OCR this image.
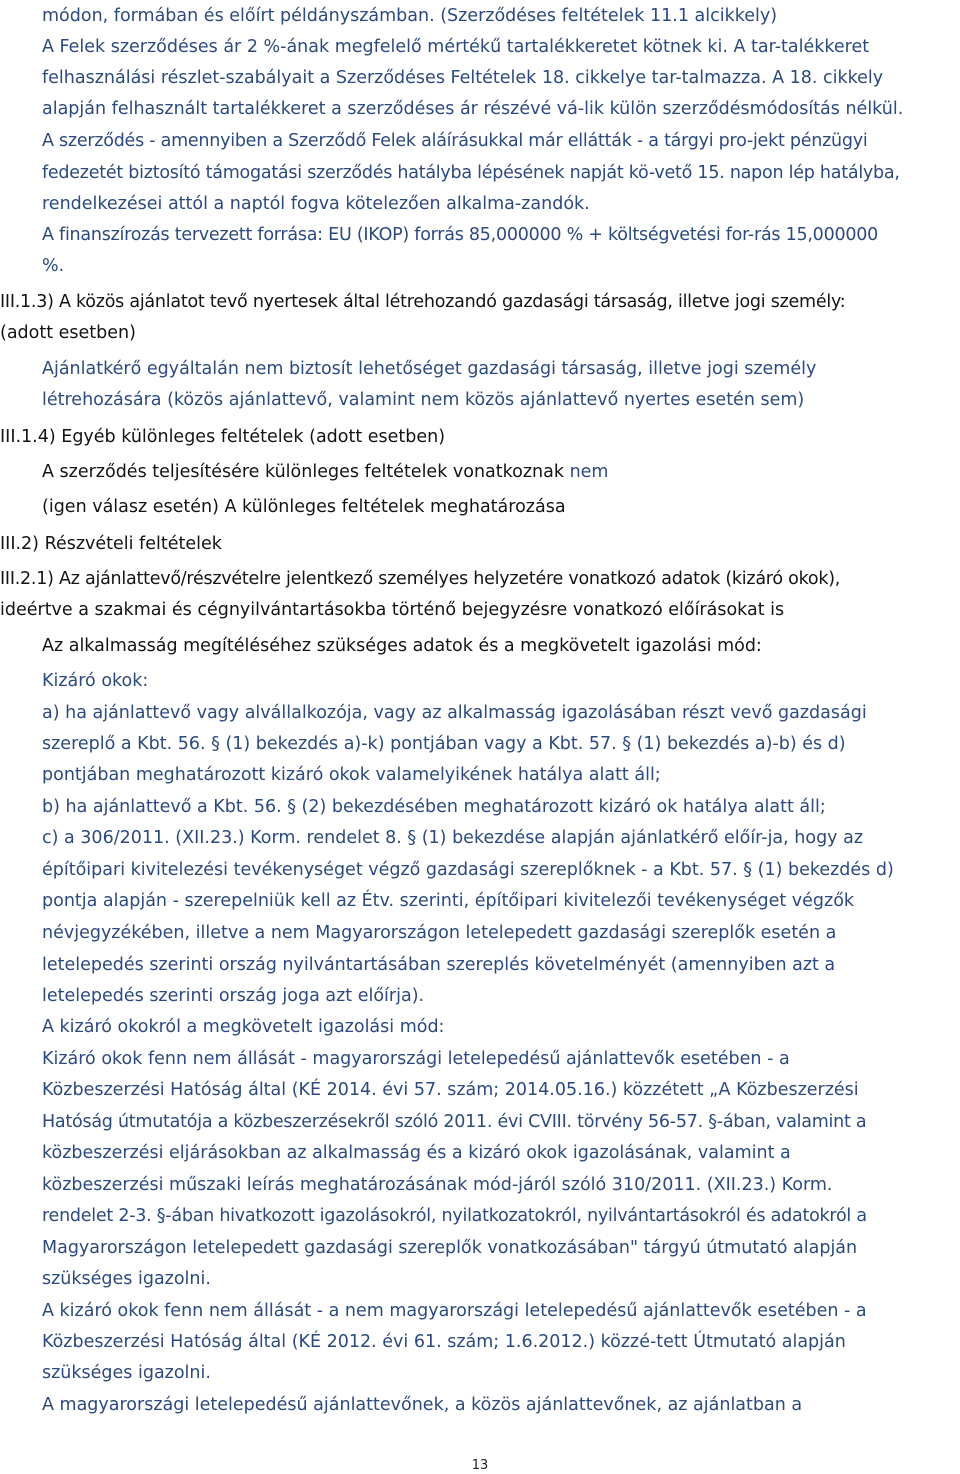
módon, formában és előírt példányszámban. (Szerződéses feltételek 11.1 alcikkely)

A Felek szerződéses ár 2 %-ának megfelelő mértékű tartalékkeretet kötnek ki. A tar-talékkeret

felhasználási részlet-szabályait a Szerződéses Feltételek 18. cikkelye tar-talmazza. A 18. cikkely

alapján felhasznált tartalékkeret a szerződéses ár részévé vá-lik külön szerződésmódosítás nélkül.

A szerződés - amennyiben a Szerződő Felek aláírásukkal már ellátták - a tárgyi pro-jekt pénzügyi

fedezetét biztosító támogatási szerződés hatályba lépésének napját kö-vető 15. napon lép hatályba,

rendelkezései attól a naptól fogva kötelezően alkalma-zandók.

A finanszírozás tervezett forrása: EU (IKOP) forrás 85,000000 % + költségvetési for-rás 15,000000

%.

III.1.3) A közös ajánlatot tevő nyertesek által létrehozandó gazdasági társaság, illetve jogi személy:

(adott esetben)

Ajánlatkérő egyáltalán nem biztosít lehetőséget gazdasági társaság, illetve jogi személy

létrehozására (közös ajánlattevő, valamint nem közös ajánlattevő nyertes esetén sem)

III.1.4) Egyéb különleges feltételek (adott esetben)

A szerződés teljesítésére különleges feltételek vonatkoznak nem

(igen válasz esetén) A különleges feltételek meghatározása

III.2) Részvételi feltételek

III.2.1) Az ajánlattevő/részvételre jelentkező személyes helyzetére vonatkozó adatok (kizáró okok),

ideértve a szakmai és cégnyilvántartásokba történő bejegyzésre vonatkozó előírásokat is

Az alkalmasság megítéléséhez szükséges adatok és a megkövetelt igazolási mód:

Kizáró okok:

a) ha ajánlattevő vagy alvállalkozója, vagy az alkalmasság igazolásában részt vevő gazdasági

szereplő a Kbt. 56. § (1) bekezdés a)-k) pontjában vagy a Kbt. 57. § (1) bekezdés a)-b) és d)

pontjában meghatározott kizáró okok valamelyikének hatálya alatt áll;

b) ha ajánlattevő a Kbt. 56. § (2) bekezdésében meghatározott kizáró ok hatálya alatt áll;

c) a 306/2011. (XII.23.) Korm. rendelet 8. § (1) bekezdése alapján ajánlatkérő előír-ja, hogy az

építőipari kivitelezési tevékenységet végző gazdasági szereplőknek - a Kbt. 57. § (1) bekezdés d)

pontja alapján - szerepelniük kell az Étv. szerinti, építőipari kivitelezői tevékenységet végzők

névjegyzékében, illetve a nem Magyarországon letelepedett gazdasági szereplők esetén a

letelepedés szerinti ország nyilvántartásában szereplés követelményét (amennyiben azt a

letelepedés szerinti ország joga azt előírja).

A kizáró okokról a megkövetelt igazolási mód:

Kizáró okok fenn nem állását - magyarországi letelepedésű ajánlattevők esetében - a

Közbeszerzési Hatóság által (KÉ 2014. évi 57. szám; 2014.05.16.) közzétett „A Közbeszerzési

Hatóság útmutatója a közbeszerzésekről szóló 2011. évi CVIII. törvény 56-57. §-ában, valamint a

közbeszerzési eljárásokban az alkalmasság és a kizáró okok igazolásának, valamint a

közbeszerzési műszaki leírás meghatározásának mód-járól szóló 310/2011. (XII.23.) Korm.

rendelet 2-3. §-ában hivatkozott igazolásokról, nyilatkozatokról, nyilvántartásokról és adatokról a

Magyarországon letelepedett gazdasági szereplők vonatkozásában" tárgyú útmutató alapján

szükséges igazolni.

A kizáró okok fenn nem állását - a nem magyarországi letelepedésű ajánlattevők esetében - a

Közbeszerzési Hatóság által (KÉ 2012. évi 61. szám; 1.6.2012.) közzé-tett Útmutató alapján

szükséges igazolni.

A magyarországi letelepedésű ajánlattevőnek, a közös ajánlattevőnek, az ajánlatban a

13
